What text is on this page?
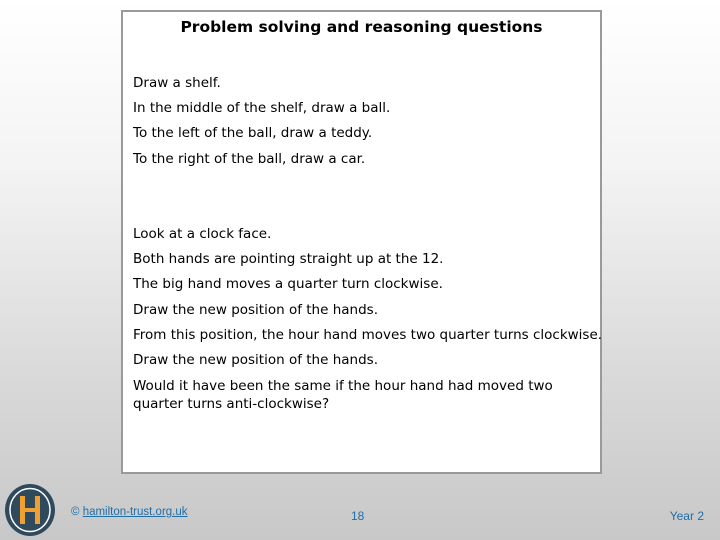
Problem solving and reasoning questions
Draw a shelf.
In the middle of the shelf, draw a ball.
To the left of the ball, draw a teddy.
To the right of the ball, draw a car.
Look at a clock face.
Both hands are pointing straight up at the 12.
The big hand moves a quarter turn clockwise.
Draw the new position of the hands.
From this position, the hour hand moves two quarter turns clockwise.
Draw the new position of the hands.
Would it have been the same if the hour hand had moved two quarter turns anti-clockwise?
© hamilton-trust.org.uk	18	Year 2
